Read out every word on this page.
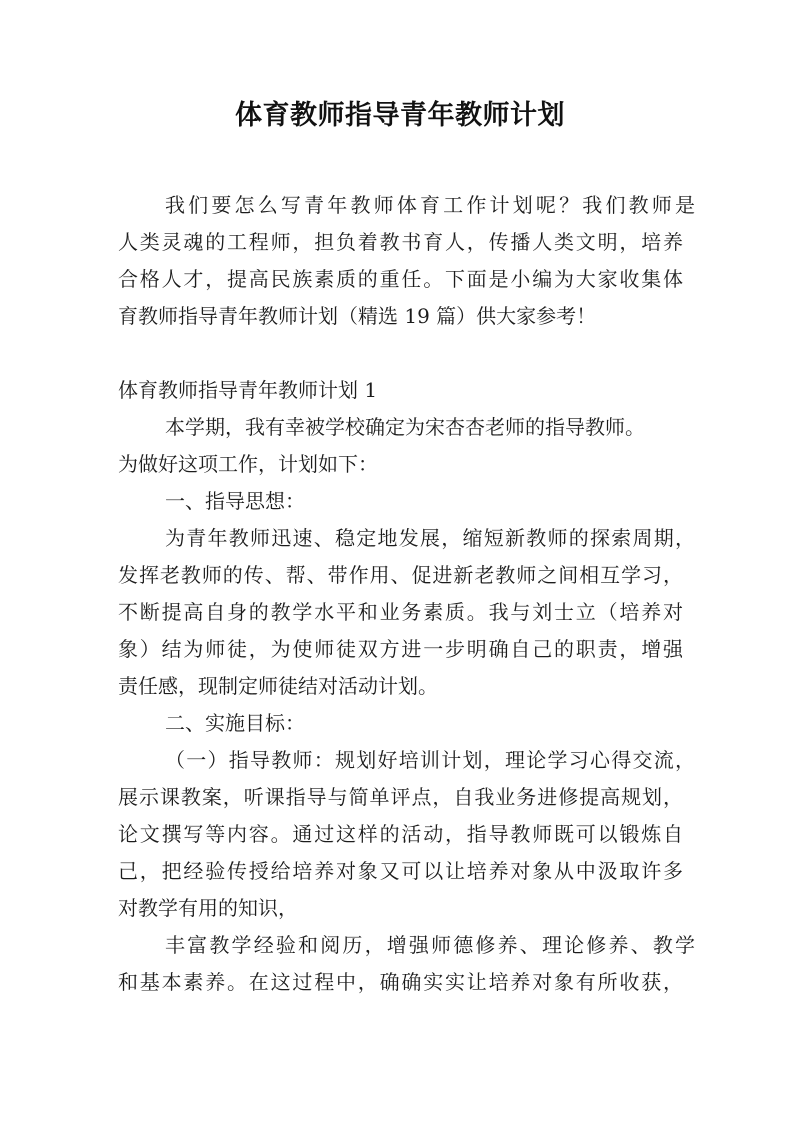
体育教师指导青年教师计划
我们要怎么写青年教师体育工作计划呢？我们教师是
人类灵魂的工程师，担负着教书育人，传播人类文明，培养
合格人才，提高民族素质的重任。下面是小编为大家收集体
育教师指导青年教师计划（精选 19 篇）供大家参考！
体育教师指导青年教师计划 1
本学期，我有幸被学校确定为宋杏杏老师的指导教师。
为做好这项工作，计划如下：
一、指导思想：
为青年教师迅速、稳定地发展，缩短新教师的探索周期，
发挥老教师的传、帮、带作用、促进新老教师之间相互学习，
不断提高自身的教学水平和业务素质。我与刘士立（培养对
象）结为师徒，为使师徒双方进一步明确自己的职责，增强
责任感，现制定师徒结对活动计划。
二、实施目标：
（一）指导教师：规划好培训计划，理论学习心得交流，
展示课教案，听课指导与简单评点，自我业务进修提高规划，
论文撰写等内容。通过这样的活动，指导教师既可以锻炼自
己，把经验传授给培养对象又可以让培养对象从中汲取许多
对教学有用的知识，
丰富教学经验和阅历，增强师德修养、理论修养、教学
和基本素养。在这过程中，确确实实让培养对象有所收获，
